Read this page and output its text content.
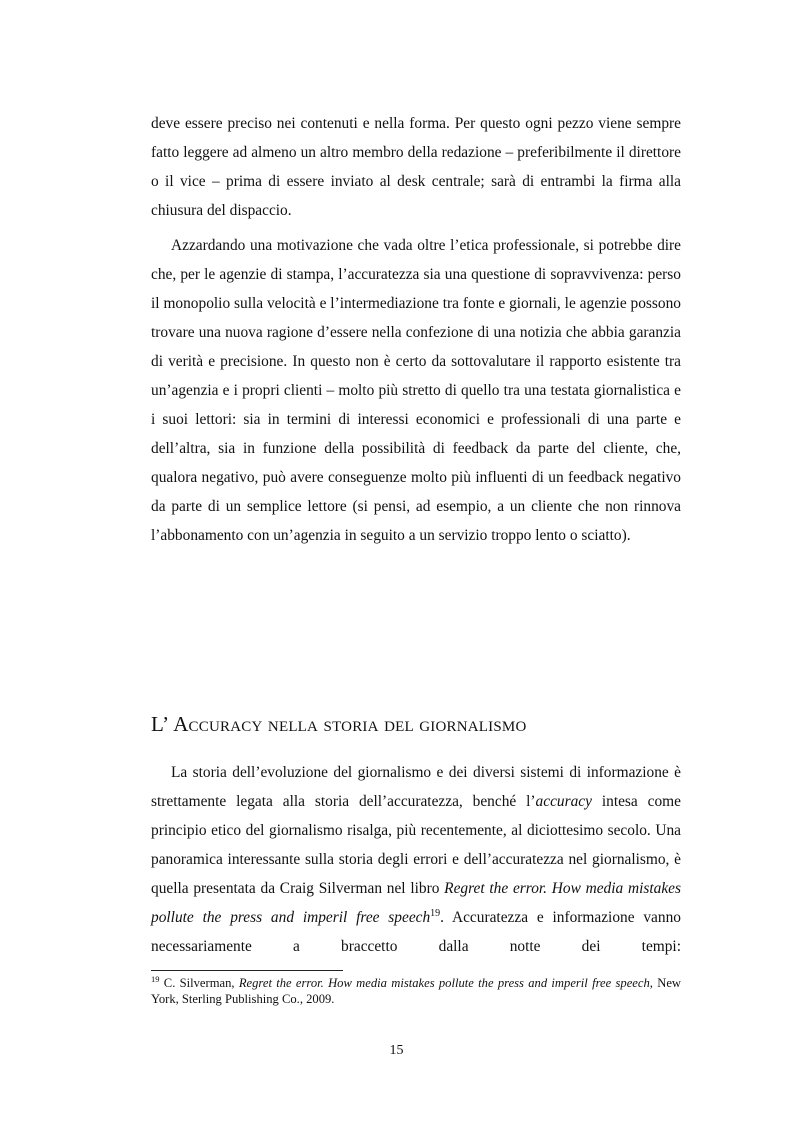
deve essere preciso nei contenuti e nella forma. Per questo ogni pezzo viene sempre fatto leggere ad almeno un altro membro della redazione – preferibilmente il direttore o il vice – prima di essere inviato al desk centrale; sarà di entrambi la firma alla chiusura del dispaccio.

Azzardando una motivazione che vada oltre l’etica professionale, si potrebbe dire che, per le agenzie di stampa, l’accuratezza sia una questione di sopravvivenza: perso il monopolio sulla velocità e l’intermediazione tra fonte e giornali, le agenzie possono trovare una nuova ragione d’essere nella confezione di una notizia che abbia garanzia di verità e precisione. In questo non è certo da sottovalutare il rapporto esistente tra un’agenzia e i propri clienti – molto più stretto di quello tra una testata giornalistica e i suoi lettori: sia in termini di interessi economici e professionali di una parte e dell’altra, sia in funzione della possibilità di feedback da parte del cliente, che, qualora negativo, può avere conseguenze molto più influenti di un feedback negativo da parte di un semplice lettore (si pensi, ad esempio, a un cliente che non rinnova l’abbonamento con un’agenzia in seguito a un servizio troppo lento o sciatto).

L’ Accuracy nella storia del giornalismo

La storia dell’evoluzione del giornalismo e dei diversi sistemi di informazione è strettamente legata alla storia dell’accuratezza, benché l’accuracy intesa come principio etico del giornalismo risalga, più recentemente, al diciottesimo secolo. Una panoramica interessante sulla storia degli errori e dell’accuratezza nel giornalismo, è quella presentata da Craig Silverman nel libro Regret the error. How media mistakes pollute the press and imperil free speech$^{19}$. Accuratezza e informazione vanno necessariamente a braccetto dalla notte dei tempi:

$^{19}$ C. Silverman, Regret the error. How media mistakes pollute the press and imperil free speech, New York, Sterling Publishing Co., 2009.

15
